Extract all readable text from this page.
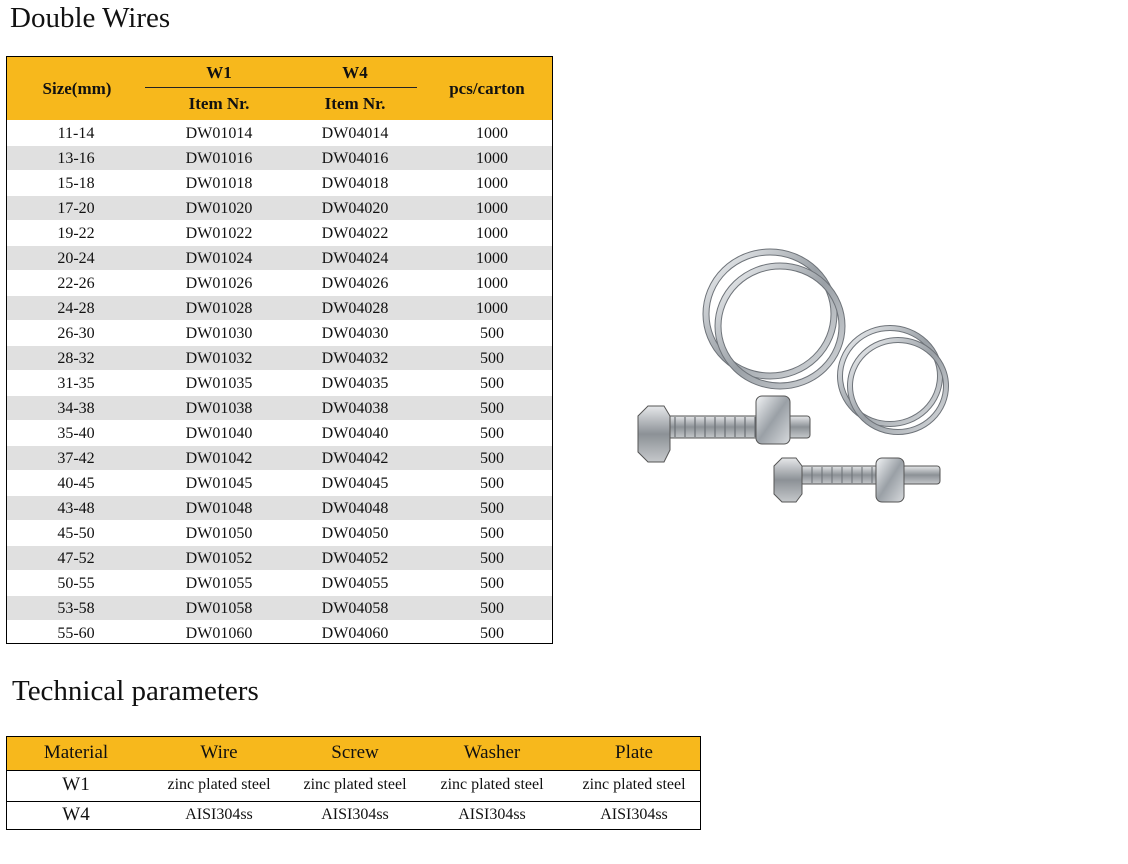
Double Wires
Size(mm)
W1	W4
Item Nr.	Item Nr.
pcs/carton
11-14	DW01014	DW04014	1000
13-16	DW01016	DW04016	1000
15-18	DW01018	DW04018	1000
17-20	DW01020	DW04020	1000
19-22	DW01022	DW04022	1000
20-24	DW01024	DW04024	1000
22-26	DW01026	DW04026	1000
24-28	DW01028	DW04028	1000
26-30	DW01030	DW04030	500
28-32	DW01032	DW04032	500
31-35	DW01035	DW04035	500
34-38	DW01038	DW04038	500
35-40	DW01040	DW04040	500
37-42	DW01042	DW04042	500
40-45	DW01045	DW04045	500
43-48	DW01048	DW04048	500
45-50	DW01050	DW04050	500
47-52	DW01052	DW04052	500
50-55	DW01055	DW04055	500
53-58	DW01058	DW04058	500
55-60	DW01060	DW04060	500
Technical parameters
Material	Wire	Screw	Washer	Plate
W1	zinc plated steel	zinc plated steel	zinc plated steel	zinc plated steel
W4	AISI304ss	AISI304ss	AISI304ss	AISI304ss
